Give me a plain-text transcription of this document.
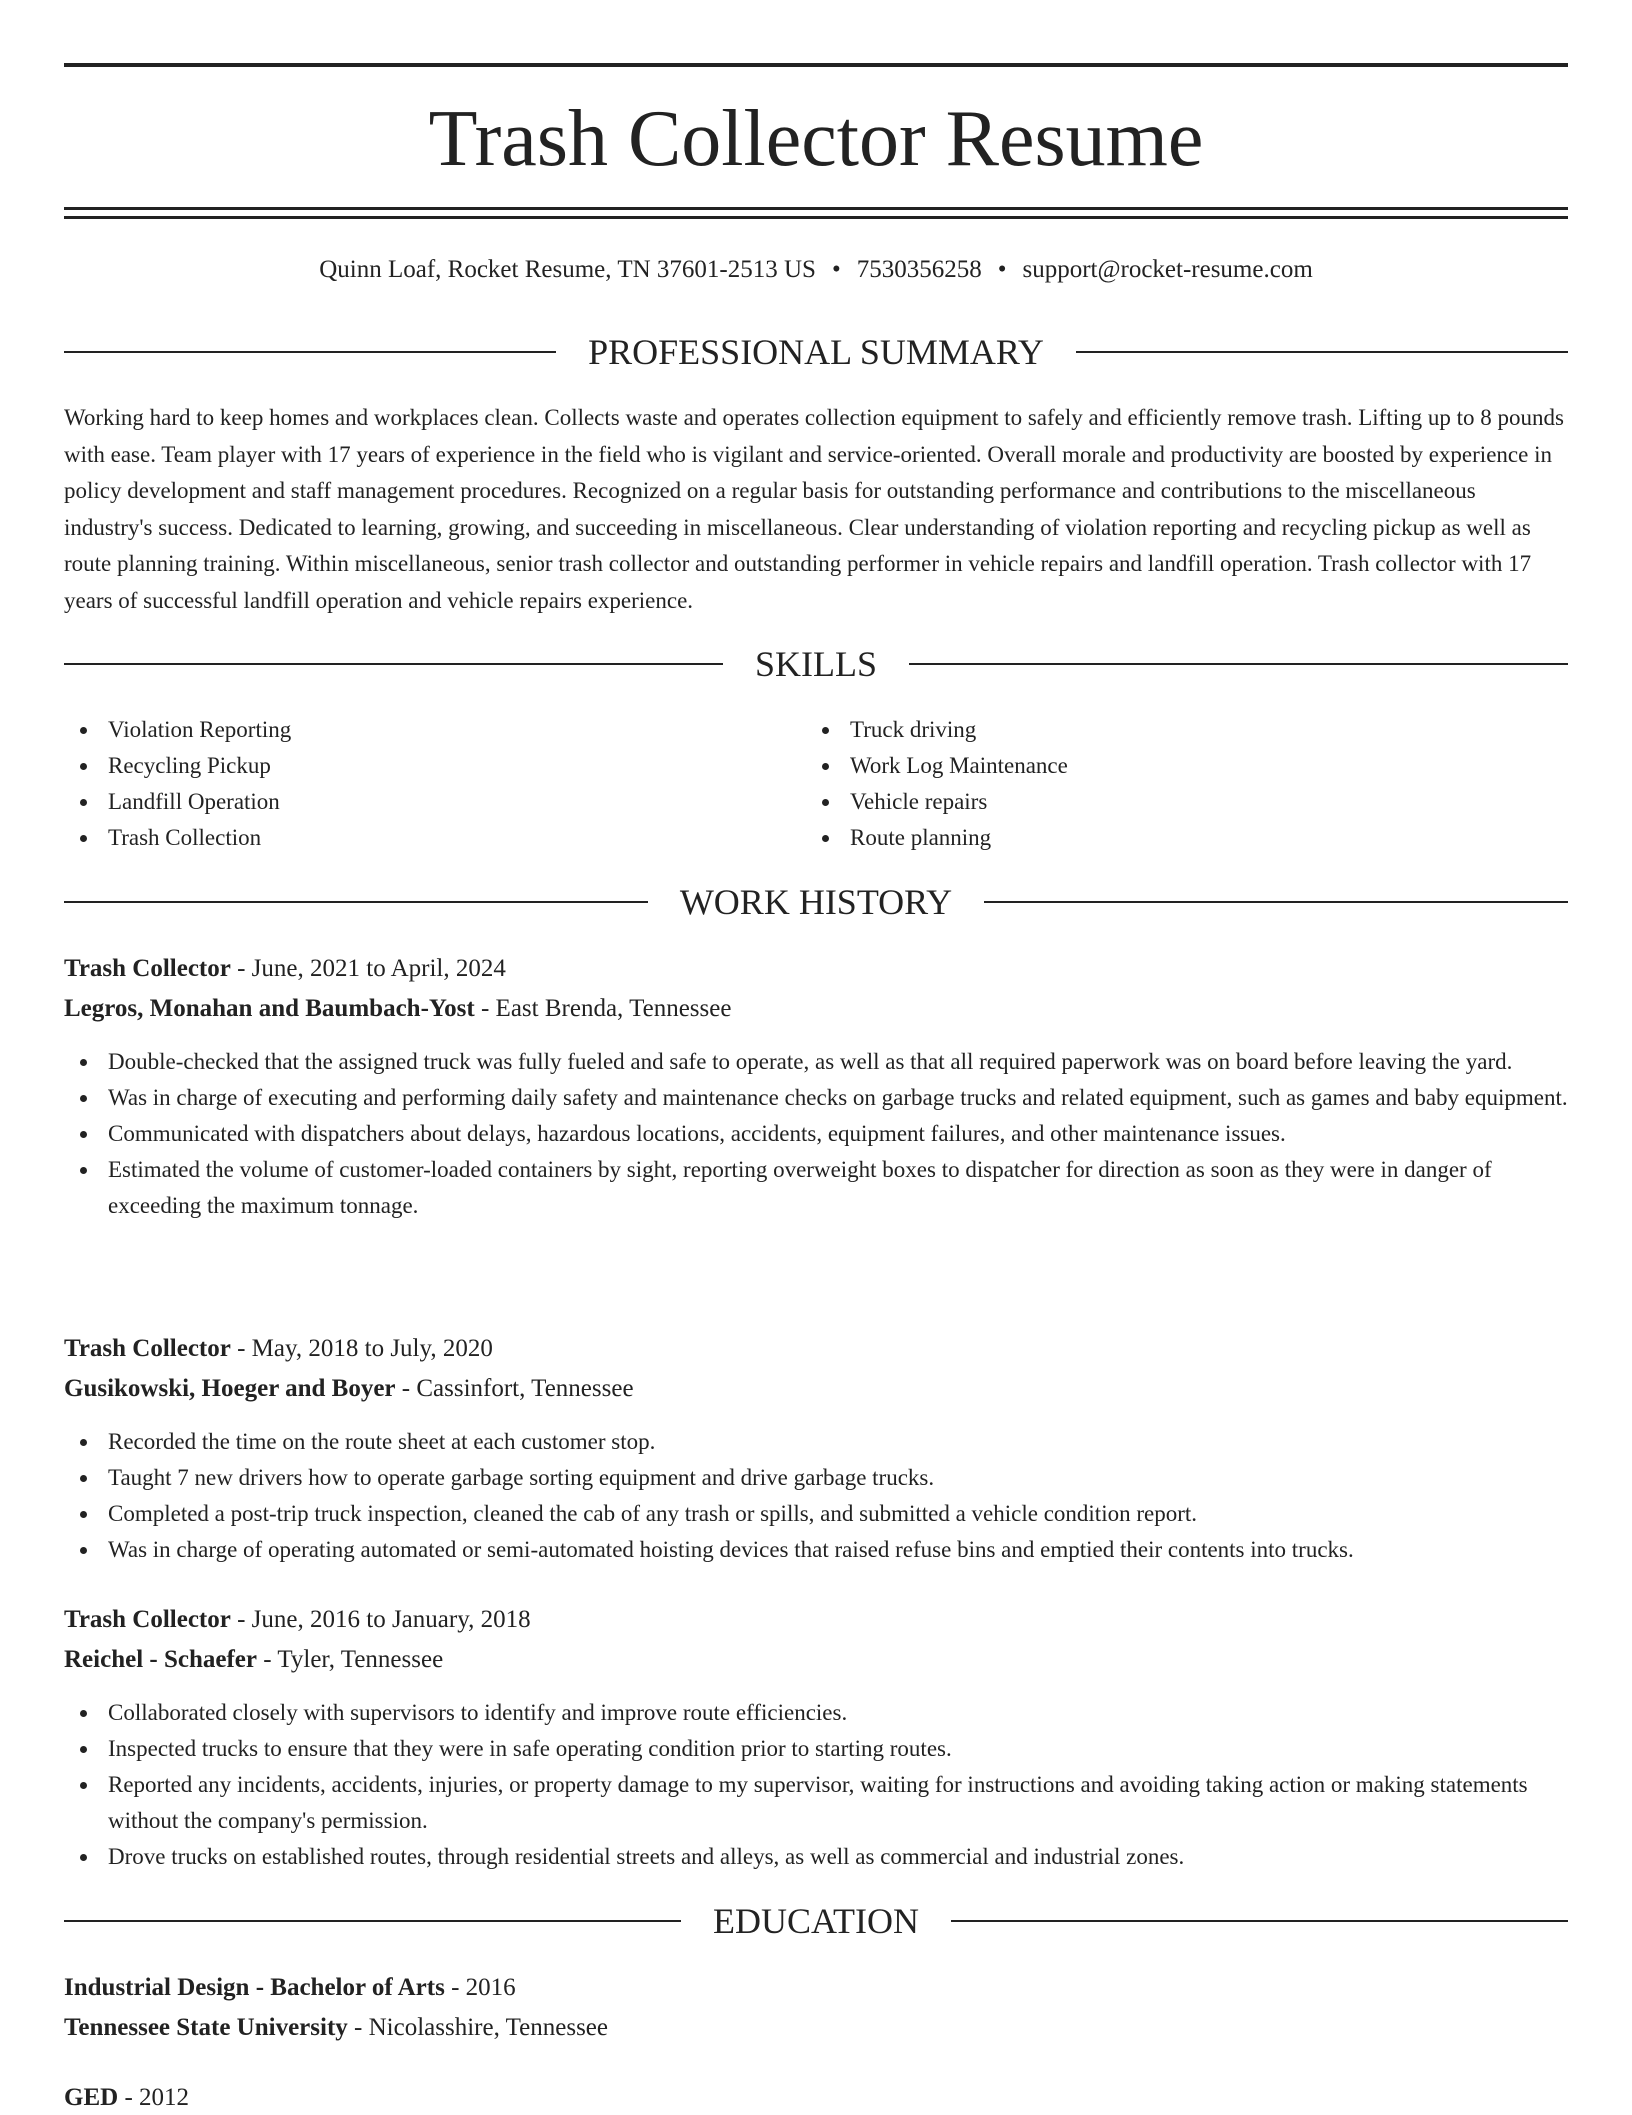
Trash Collector Resume
Quinn Loaf, Rocket Resume, TN 37601-2513 US • 7530356258 • support@rocket-resume.com
PROFESSIONAL SUMMARY

Working hard to keep homes and workplaces clean. Collects waste and operates collection equipment to safely and efficiently remove trash. Lifting up to 8 pounds with ease. Team player with 17 years of experience in the field who is vigilant and service-oriented. Overall morale and productivity are boosted by experience in policy development and staff management procedures. Recognized on a regular basis for outstanding performance and contributions to the miscellaneous industry's success. Dedicated to learning, growing, and succeeding in miscellaneous. Clear understanding of violation reporting and recycling pickup as well as route planning training. Within miscellaneous, senior trash collector and outstanding performer in vehicle repairs and landfill operation. Trash collector with 17 years of successful landfill operation and vehicle repairs experience.

SKILLS
Violation Reporting
Recycling Pickup
Landfill Operation
Trash Collection
Truck driving
Work Log Maintenance
Vehicle repairs
Route planning
WORK HISTORY
Trash Collector - June, 2021 to April, 2024
Legros, Monahan and Baumbach-Yost - East Brenda, Tennessee
Double-checked that the assigned truck was fully fueled and safe to operate, as well as that all required paperwork was on board before leaving the yard.
Was in charge of executing and performing daily safety and maintenance checks on garbage trucks and related equipment, such as games and baby equipment.
Communicated with dispatchers about delays, hazardous locations, accidents, equipment failures, and other maintenance issues.
Estimated the volume of customer-loaded containers by sight, reporting overweight boxes to dispatcher for direction as soon as they were in danger of exceeding the maximum tonnage.
Trash Collector - May, 2018 to July, 2020
Gusikowski, Hoeger and Boyer - Cassinfort, Tennessee
Recorded the time on the route sheet at each customer stop.
Taught 7 new drivers how to operate garbage sorting equipment and drive garbage trucks.
Completed a post-trip truck inspection, cleaned the cab of any trash or spills, and submitted a vehicle condition report.
Was in charge of operating automated or semi-automated hoisting devices that raised refuse bins and emptied their contents into trucks.
Trash Collector - June, 2016 to January, 2018
Reichel - Schaefer - Tyler, Tennessee
Collaborated closely with supervisors to identify and improve route efficiencies.
Inspected trucks to ensure that they were in safe operating condition prior to starting routes.
Reported any incidents, accidents, injuries, or property damage to my supervisor, waiting for instructions and avoiding taking action or making statements without the company's permission.
Drove trucks on established routes, through residential streets and alleys, as well as commercial and industrial zones.
EDUCATION
Industrial Design - Bachelor of Arts - 2016
Tennessee State University - Nicolasshire, Tennessee
GED - 2012
